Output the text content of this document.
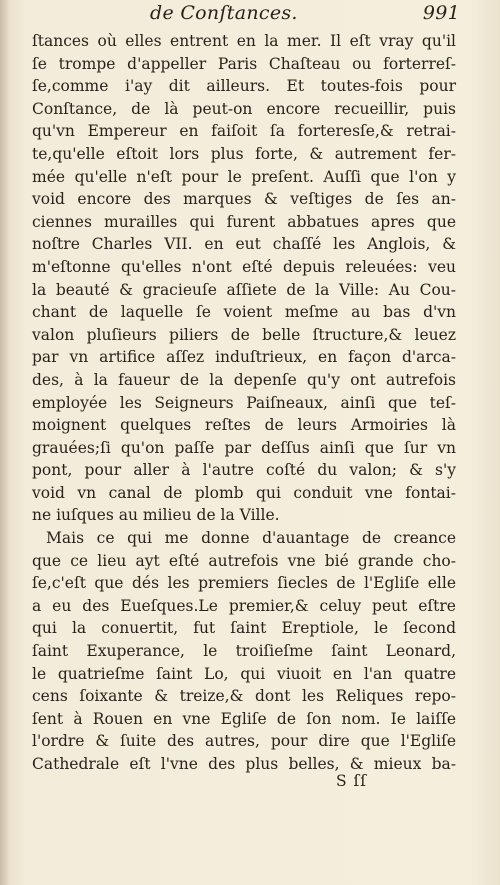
de Conſtances.	991
ſtances où elles entrent en la mer. Il eſt vray qu'il
ſe trompe d'appeller Paris Chaſteau ou forterreſ-
ſe,comme i'ay dit ailleurs. Et toutes-fois pour
Conſtance, de là peut-on encore recueillir, puis
qu'vn Empereur en faiſoit ſa forteresſe,& retrai-
te,qu'elle eſtoit lors plus forte, & autrement fer-
mée qu'elle n'eſt pour le preſent. Auſſi que l'on y
void encore des marques & veſtiges de ſes an-
ciennes murailles qui furent abbatues apres que
noſtre Charles VII. en eut chaſſé les Anglois, &
m'eſtonne qu'elles n'ont eſté depuis releuées: veu
la beauté & gracieuſe aſſiete de la Ville: Au Cou-
chant de laquelle ſe voient meſme au bas d'vn
valon pluſieurs piliers de belle ſtructure,& leuez
par vn artifice aſſez induſtrieux, en façon d'arca-
des, à la faueur de la depenſe qu'y ont autrefois
employée les Seigneurs Paiſneaux, ainſi que teſ-
moignent quelques reſtes de leurs Armoiries là
grauées;ſi qu'on paſſe par deſſus ainſi que ſur vn
pont, pour aller à l'autre coſté du valon; & s'y
void vn canal de plomb qui conduit vne fontai-
ne iuſques au milieu de la Ville.
Mais ce qui me donne d'auantage de creance
que ce lieu ayt eſté autrefois vne bié grande cho-
ſe,c'eſt que dés les premiers ſiecles de l'Egliſe elle
a eu des Eueſques.Le premier,& celuy peut eſtre
qui la conuertit, fut ſaint Ereptiole, le ſecond
ſaint Exuperance, le troiſieſme ſaint Leonard,
le quatrieſme ſaint Lo, qui viuoit en l'an quatre
cens ſoixante & treize,& dont les Reliques repo-
ſent à Rouen en vne Egliſe de ſon nom. Ie laiſſe
l'ordre & ſuite des autres, pour dire que l'Egliſe
Cathedrale eſt l'vne des plus belles, & mieux ba-
S ſſ
